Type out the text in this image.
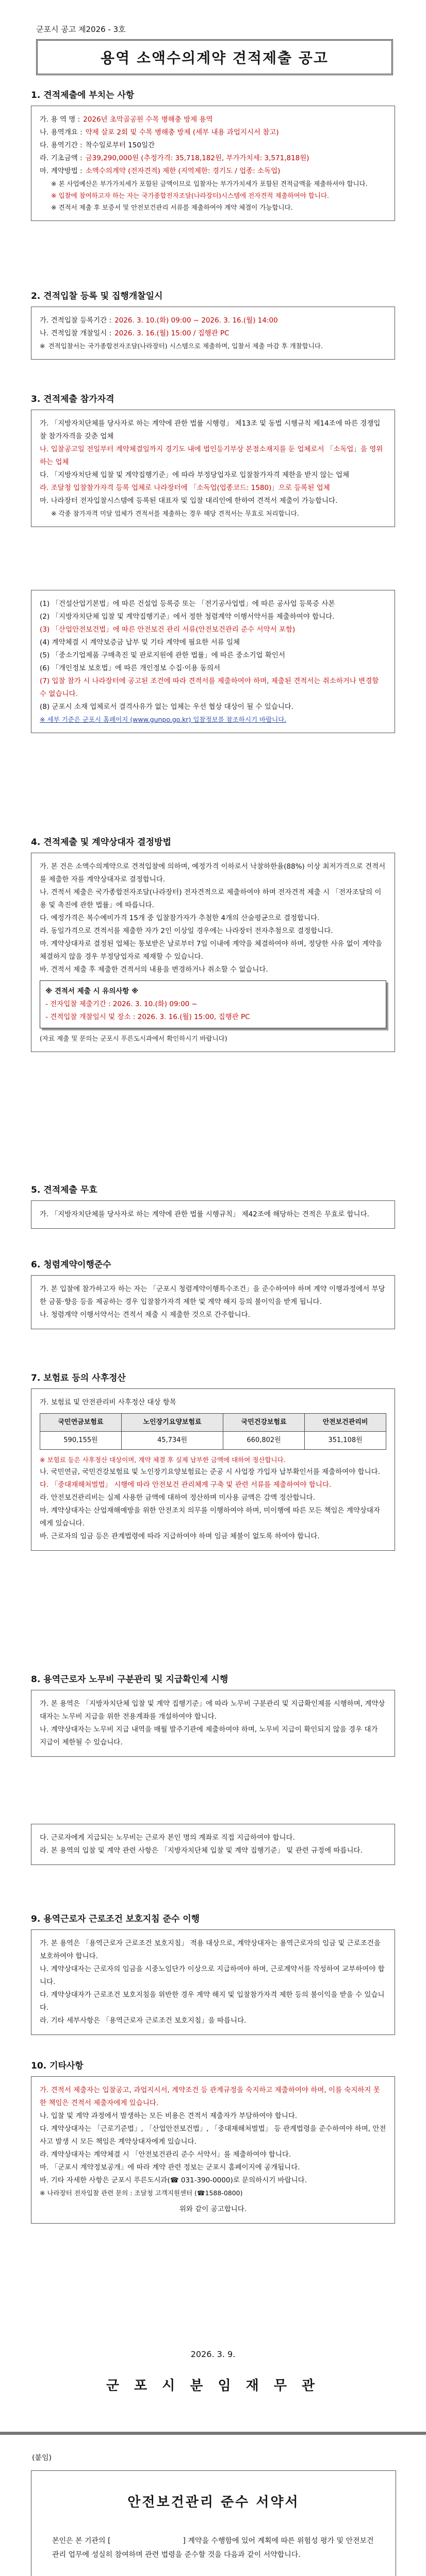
군포시 공고 제2026 - 3호
용역 소액수의계약 견적제출 공고
1. 견적제출에 부치는 사항
가. 용 역 명 : 2026년 초막골공원 수목 병해충 방제 용역
나. 용역개요 : 약제 살포 2회 및 수목 병해충 방제 (세부 내용 과업지시서 참고)
다. 용역기간 : 착수일로부터 150일간
라. 기초금액 : 금39,290,000원 (추정가격: 35,718,182원, 부가가치세: 3,571,818원)
마. 계약방법 : 소액수의계약 (전자견적) 제한 (지역제한: 경기도 / 업종: 소독업)
※ 본 사업예산은 부가가치세가 포함된 금액이므로 입찰자는 부가가치세가 포함된 견적금액을 제출하셔야 합니다.
※ 입찰에 참여하고자 하는 자는 국가종합전자조달(나라장터)시스템에 전자견적 제출하여야 합니다.
※ 견적서 제출 후 보증서 및 안전보건관리 서류를 제출하여야 계약 체결이 가능합니다.
2. 견적입찰 등록 및 집행개찰일시
가. 견적입찰 등록기간 : 2026. 3. 10.(화) 09:00 ~ 2026. 3. 16.(월) 14:00
나. 견적입찰 개찰일시 : 2026. 3. 16.(월) 15:00 / 집행관 PC
※ 견적입찰서는 국가종합전자조달(나라장터) 시스템으로 제출하며, 입찰서 제출 마감 후 개찰합니다.
3. 견적제출 참가자격
가. 「지방자치단체를 당사자로 하는 계약에 관한 법률 시행령」 제13조 및 동법 시행규칙 제14조에 따른 경쟁입찰 참가자격을 갖춘 업체
나. 입찰공고일 전일부터 계약체결일까지 경기도 내에 법인등기부상 본점소재지를 둔 업체로서 「소독업」을 영위하는 업체
다. 「지방자치단체 입찰 및 계약집행기준」에 따라 부정당업자로 입찰참가자격 제한을 받지 않는 업체
라. 조달청 입찰참가자격 등록 업체로 나라장터에 「소독업(업종코드: 1580)」으로 등록된 업체
마. 나라장터 전자입찰시스템에 등록된 대표자 및 입찰 대리인에 한하여 견적서 제출이 가능합니다.
※ 각종 참가자격 미달 업체가 견적서를 제출하는 경우 해당 견적서는 무효로 처리합니다.
(1) 「건설산업기본법」에 따른 건설업 등록증 또는 「전기공사업법」에 따른 공사업 등록증 사본
(2) 「지방자치단체 입찰 및 계약집행기준」에서 정한 청렴계약 이행서약서를 제출하여야 합니다.
(3) 「산업안전보건법」에 따른 안전보건 관리 서류(안전보건관리 준수 서약서 포함)
(4) 계약체결 시 계약보증금 납부 및 기타 계약에 필요한 서류 일체
(5) 「중소기업제품 구매촉진 및 판로지원에 관한 법률」에 따른 중소기업 확인서
(6) 「개인정보 보호법」에 따른 개인정보 수집·이용 동의서
(7) 입찰 참가 시 나라장터에 공고된 조건에 따라 견적서를 제출하여야 하며, 제출된 견적서는 취소하거나 변경할 수 없습니다.
(8) 군포시 소재 업체로서 결격사유가 없는 업체는 우선 협상 대상이 될 수 있습니다.
※ 세부 기준은 군포시 홈페이지 (www.gunpo.go.kr) 입찰정보를 참조하시기 바랍니다.
4. 견적제출 및 계약상대자 결정방법
가. 본 건은 소액수의계약으로 견적입찰에 의하며, 예정가격 이하로서 낙찰하한율(88%) 이상 최저가격으로 견적서를 제출한 자를 계약상대자로 결정합니다.
나. 견적서 제출은 국가종합전자조달(나라장터) 전자견적으로 제출하여야 하며 전자견적 제출 시 「전자조달의 이용 및 촉진에 관한 법률」에 따릅니다.
다. 예정가격은 복수예비가격 15개 중 입찰참가자가 추첨한 4개의 산술평균으로 결정합니다.
라. 동일가격으로 견적서를 제출한 자가 2인 이상일 경우에는 나라장터 전자추첨으로 결정합니다.
마. 계약상대자로 결정된 업체는 통보받은 날로부터 7일 이내에 계약을 체결하여야 하며, 정당한 사유 없이 계약을 체결하지 않을 경우 부정당업자로 제재할 수 있습니다.
바. 견적서 제출 후 제출한 견적서의 내용을 변경하거나 취소할 수 없습니다.
※ 견적서 제출 시 유의사항 ※
- 전자입찰 제출기간 : 2026. 3. 10.(화) 09:00 ~
- 견적입찰 개찰일시 및 장소 : 2026. 3. 16.(월) 15:00, 집행관 PC
(자료 제출 및 문의는 군포시 푸른도시과에서 확인하시기 바랍니다)
5. 견적제출 무효
가. 「지방자치단체를 당사자로 하는 계약에 관한 법률 시행규칙」 제42조에 해당하는 견적은 무효로 합니다.
6. 청렴계약이행준수
가. 본 입찰에 참가하고자 하는 자는 「군포시 청렴계약이행특수조건」을 준수하여야 하며 계약 이행과정에서 부당한 금품·향응 등을 제공하는 경우 입찰참가자격 제한 및 계약 해지 등의 불이익을 받게 됩니다.
나. 청렴계약 이행서약서는 견적서 제출 시 제출한 것으로 간주합니다.
7. 보험료 등의 사후정산
가. 보험료 및 안전관리비 사후정산 대상 항목
국민연금보험료	노인장기요양보험료	국민건강보험료	안전보건관리비
590,155원	45,734원	660,802원	351,108원
※ 보험료 등은 사후정산 대상이며, 계약 체결 후 실제 납부한 금액에 대하여 정산합니다.
나. 국민연금, 국민건강보험료 및 노인장기요양보험료는 준공 시 사업장 가입자 납부확인서를 제출하여야 합니다.
다. 「중대재해처벌법」 시행에 따라 안전보건 관리체계 구축 및 관련 서류를 제출하여야 합니다.
라. 안전보건관리비는 실제 사용한 금액에 대하여 정산하며 미사용 금액은 감액 정산합니다.
마. 계약상대자는 산업재해예방을 위한 안전조치 의무를 이행하여야 하며, 미이행에 따른 모든 책임은 계약상대자에게 있습니다.
바. 근로자의 임금 등은 관계법령에 따라 지급하여야 하며 임금 체불이 없도록 하여야 합니다.
8. 용역근로자 노무비 구분관리 및 지급확인제 시행
가. 본 용역은 「지방자치단체 입찰 및 계약 집행기준」에 따라 노무비 구분관리 및 지급확인제를 시행하며, 계약상대자는 노무비 지급을 위한 전용계좌를 개설하여야 합니다.
나. 계약상대자는 노무비 지급 내역을 매월 발주기관에 제출하여야 하며, 노무비 지급이 확인되지 않을 경우 대가 지급이 제한될 수 있습니다.
다. 근로자에게 지급되는 노무비는 근로자 본인 명의 계좌로 직접 지급하여야 합니다.
라. 본 용역의 입찰 및 계약 관련 사항은 「지방자치단체 입찰 및 계약 집행기준」 및 관련 규정에 따릅니다.
9. 용역근로자 근로조건 보호지침 준수 이행
가. 본 용역은 「용역근로자 근로조건 보호지침」 적용 대상으로, 계약상대자는 용역근로자의 임금 및 근로조건을 보호하여야 합니다.
나. 계약상대자는 근로자의 임금을 시중노임단가 이상으로 지급하여야 하며, 근로계약서를 작성하여 교부하여야 합니다.
다. 계약상대자가 근로조건 보호지침을 위반한 경우 계약 해지 및 입찰참가자격 제한 등의 불이익을 받을 수 있습니다.
라. 기타 세부사항은 「용역근로자 근로조건 보호지침」을 따릅니다.
10. 기타사항
가. 견적서 제출자는 입찰공고, 과업지시서, 계약조건 등 관계규정을 숙지하고 제출하여야 하며, 이를 숙지하지 못한 책임은 견적서 제출자에게 있습니다.
나. 입찰 및 계약 과정에서 발생하는 모든 비용은 견적서 제출자가 부담하여야 합니다.
다. 계약상대자는 「근로기준법」, 「산업안전보건법」, 「중대재해처벌법」 등 관계법령을 준수하여야 하며, 안전사고 발생 시 모든 책임은 계약상대자에게 있습니다.
라. 계약상대자는 계약체결 시 「안전보건관리 준수 서약서」를 제출하여야 합니다.
마. 「군포시 계약정보공개」에 따라 계약 관련 정보는 군포시 홈페이지에 공개됩니다.
바. 기타 자세한 사항은 군포시 푸른도시과(☎ 031-390-0000)로 문의하시기 바랍니다.
※ 나라장터 전자입찰 관련 문의 : 조달청 고객지원센터 (☎1588-0800)
위와 같이 공고합니다.
2026. 3. 9.
군 포 시 분 임 재 무 관
(붙임)
안전보건관리 준수 서약서

본인은 본 기관의 [　　　　　　　　　　] 계약을 수행함에 있어 계획에 따른 위험성 평가 및 안전보건 관리 업무에 성실히 참여하며 관련 법령을 준수할 것을 다음과 같이 서약합니다.
